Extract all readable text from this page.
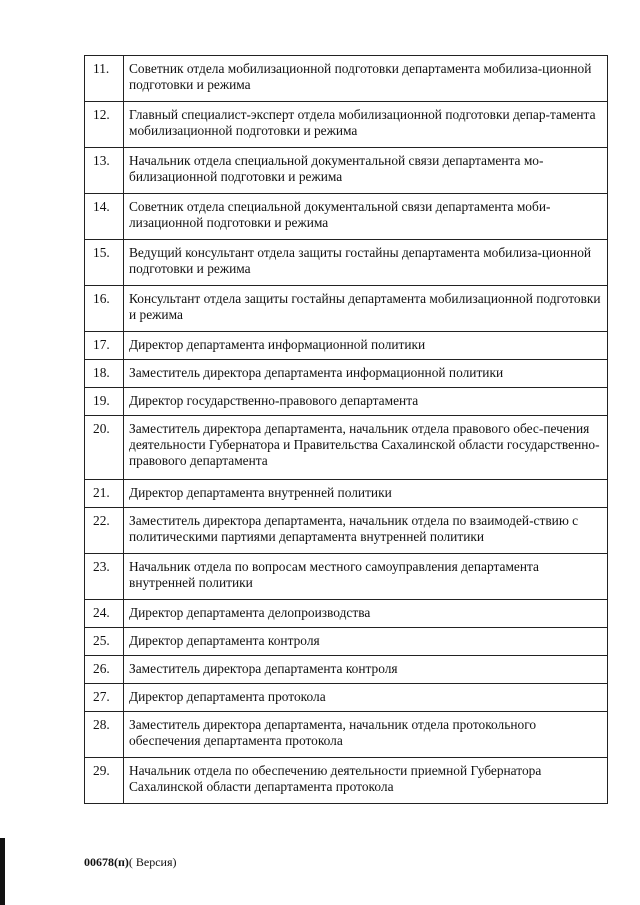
11.	Советник отдела мобилизационной подготовки департамента мобилиза-ционной подготовки и режима
12.	Главный специалист-эксперт отдела мобилизационной подготовки депар-тамента мобилизационной подготовки и режима
13.	Начальник отдела специальной документальной связи департамента мо-билизационной подготовки и режима
14.	Советник отдела специальной документальной связи департамента моби-лизационной подготовки и режима
15.	Ведущий консультант отдела защиты гостайны департамента мобилиза-ционной подготовки и режима
16.	Консультант отдела защиты гостайны департамента мобилизационной подготовки и режима
17.	Директор департамента информационной политики
18.	Заместитель директора департамента информационной политики
19.	Директор государственно-правового департамента
20.	Заместитель директора департамента, начальник отдела правового обес-печения деятельности Губернатора и Правительства Сахалинской области государственно-правового департамента
21.	Директор департамента внутренней политики
22.	Заместитель директора департамента, начальник отдела по взаимодей-ствию с политическими партиями департамента внутренней политики
23.	Начальник отдела по вопросам местного самоуправления департамента внутренней политики
24.	Директор департамента делопроизводства
25.	Директор департамента контроля
26.	Заместитель директора департамента контроля
27.	Директор департамента протокола
28.	Заместитель директора департамента, начальник отдела протокольного обеспечения департамента протокола
29.	Начальник отдела по обеспечению деятельности приемной Губернатора Сахалинской области департамента протокола
00678(п)( Версия)
